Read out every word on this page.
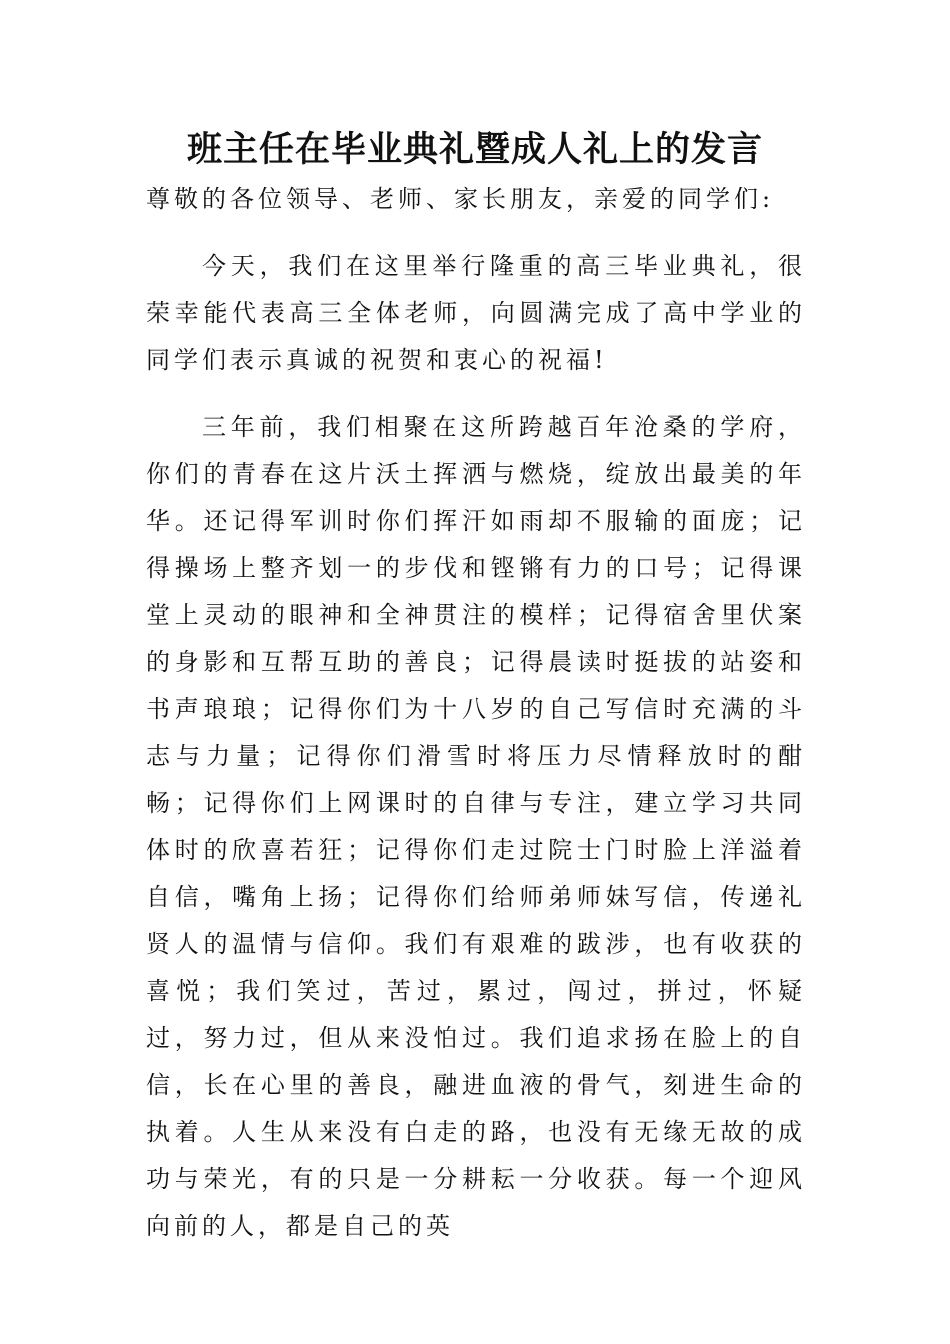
班主任在毕业典礼暨成人礼上的发言

尊敬的各位领导、老师、家长朋友，亲爱的同学们:

今天，我们在这里举行隆重的高三毕业典礼，很荣幸能代表高三全体老师，向圆满完成了高中学业的同学们表示真诚的祝贺和衷心的祝福!

三年前，我们相聚在这所跨越百年沧桑的学府，你们的青春在这片沃土挥洒与燃烧，绽放出最美的年华。还记得军训时你们挥汗如雨却不服输的面庞；记得操场上整齐划一的步伐和铿锵有力的口号；记得课堂上灵动的眼神和全神贯注的模样；记得宿舍里伏案的身影和互帮互助的善良；记得晨读时挺拔的站姿和书声琅琅；记得你们为十八岁的自己写信时充满的斗志与力量；记得你们滑雪时将压力尽情释放时的酣畅；记得你们上网课时的自律与专注，建立学习共同体时的欣喜若狂；记得你们走过院士门时脸上洋溢着自信，嘴角上扬；记得你们给师弟师妹写信，传递礼贤人的温情与信仰。我们有艰难的跋涉，也有收获的喜悦；我们笑过，苦过，累过，闯过，拼过，怀疑过，努力过，但从来没怕过。我们追求扬在脸上的自信，长在心里的善良，融进血液的骨气，刻进生命的执着。人生从来没有白走的路，也没有无缘无故的成功与荣光，有的只是一分耕耘一分收获。每一个迎风向前的人，都是自己的英
